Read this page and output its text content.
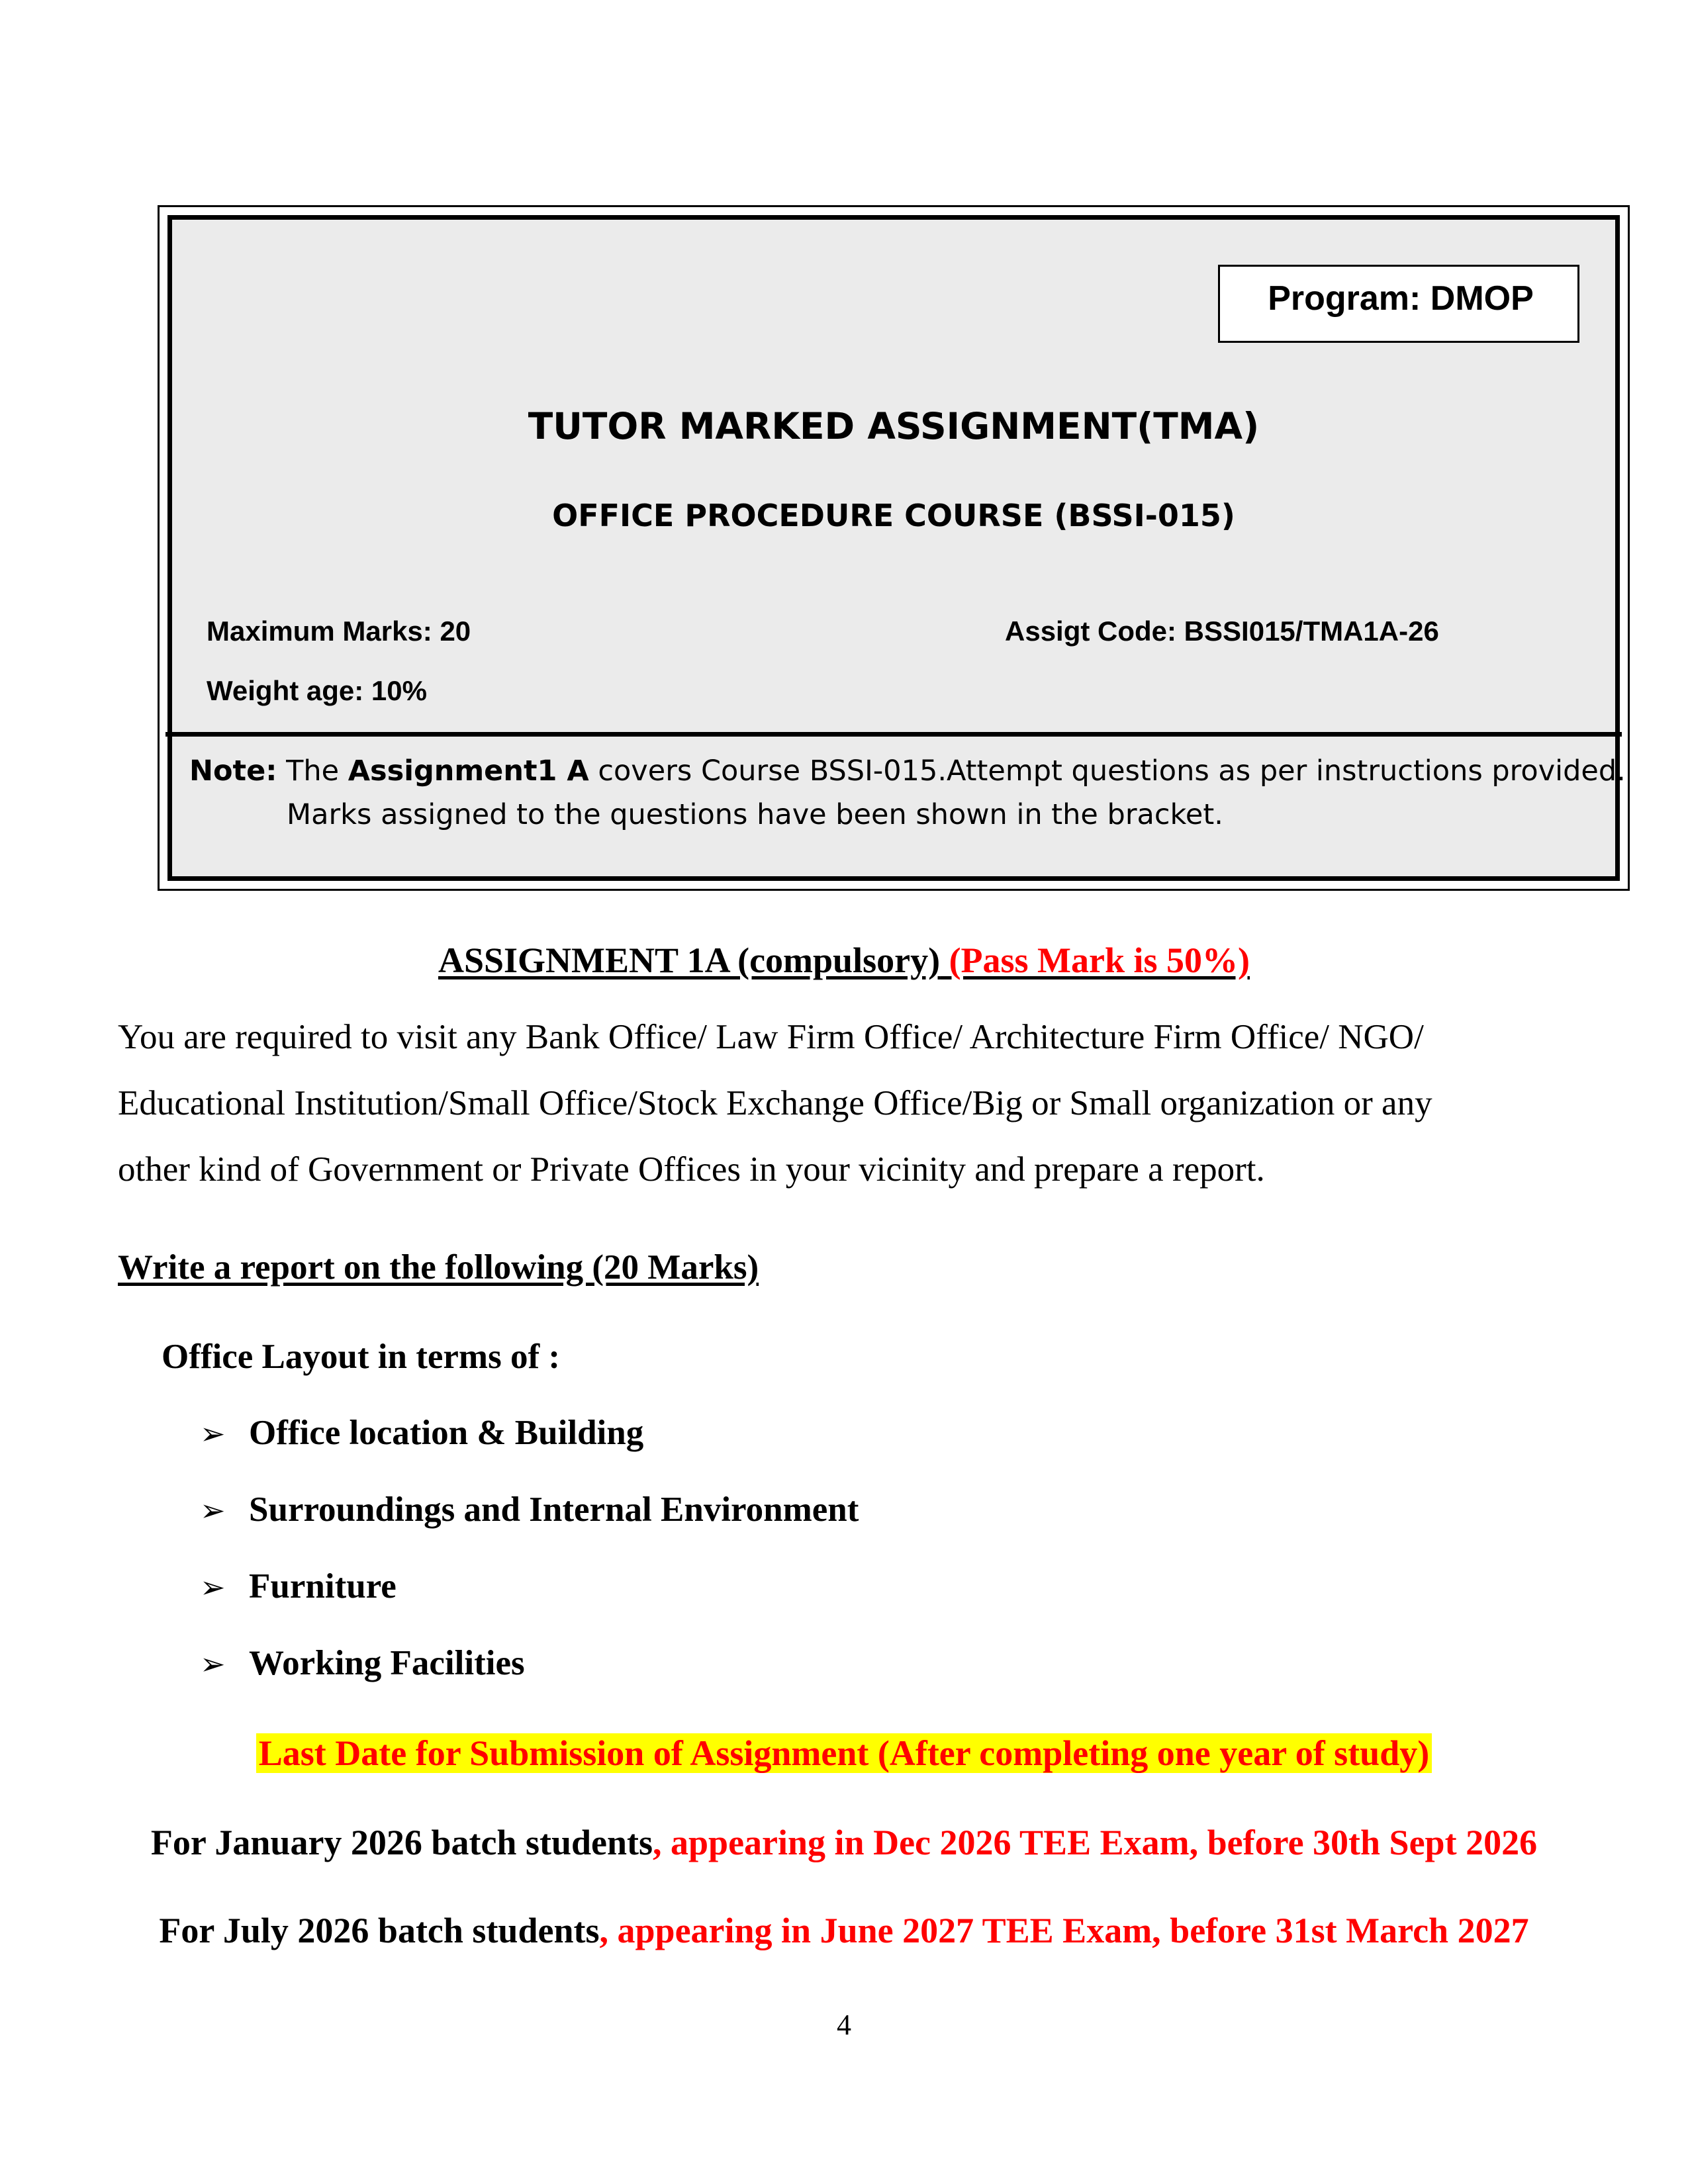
Program: DMOP
TUTOR MARKED ASSIGNMENT(TMA)
OFFICE PROCEDURE COURSE (BSSI-015)
Maximum Marks: 20	Assigt Code: BSSI015/TMA1A-26
Weight age: 10%
Note: The Assignment1 A covers Course BSSI-015.Attempt questions as per instructions provided.
Marks assigned to the questions have been shown in the bracket.
ASSIGNMENT 1A (compulsory) (Pass Mark is 50%)
You are required to visit any Bank Office/ Law Firm Office/ Architecture Firm Office/ NGO/
Educational Institution/Small Office/Stock Exchange Office/Big or Small organization or any
other kind of Government or Private Offices in your vicinity and prepare a report.
Write a report on the following (20 Marks)
Office Layout in terms of :
➢ Office location & Building
➢ Surroundings and Internal Environment
➢ Furniture
➢ Working Facilities
Last Date for Submission of Assignment (After completing one year of study)
For January 2026 batch students, appearing in Dec 2026 TEE Exam, before 30th Sept 2026
For July 2026 batch students, appearing in June 2027 TEE Exam, before 31st March 2027
4
